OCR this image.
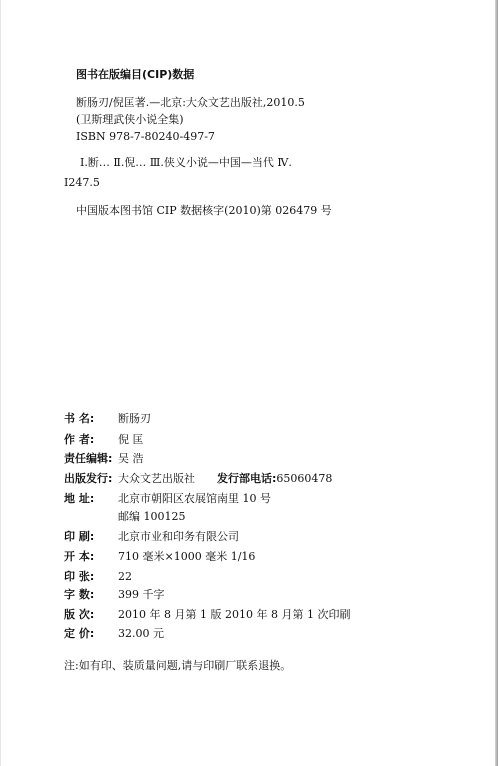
图书在版编目(CIP)数据
断肠刃/倪匡著.—北京:大众文艺出版社,2010.5
(卫斯理武侠小说全集)
ISBN 978-7-80240-497-7
Ⅰ.断… Ⅱ.倪… Ⅲ.侠义小说—中国—当代 Ⅳ.
I247.5
中国版本图书馆 CIP 数据核字(2010)第 026479 号
书 名: 断肠刃
作 者: 倪 匡
责任编辑: 吴 浩
出版发行: 大众文艺出版社 发行部电话:65060478
地 址: 北京市朝阳区农展馆南里 10 号
邮编 100125
印 刷: 北京市业和印务有限公司
开 本: 710 毫米×1000 毫米 1/16
印 张: 22
字 数: 399 千字
版 次: 2010 年 8 月第 1 版 2010 年 8 月第 1 次印刷
定 价: 32.00 元
注:如有印、装质量问题,请与印刷厂联系退换。
